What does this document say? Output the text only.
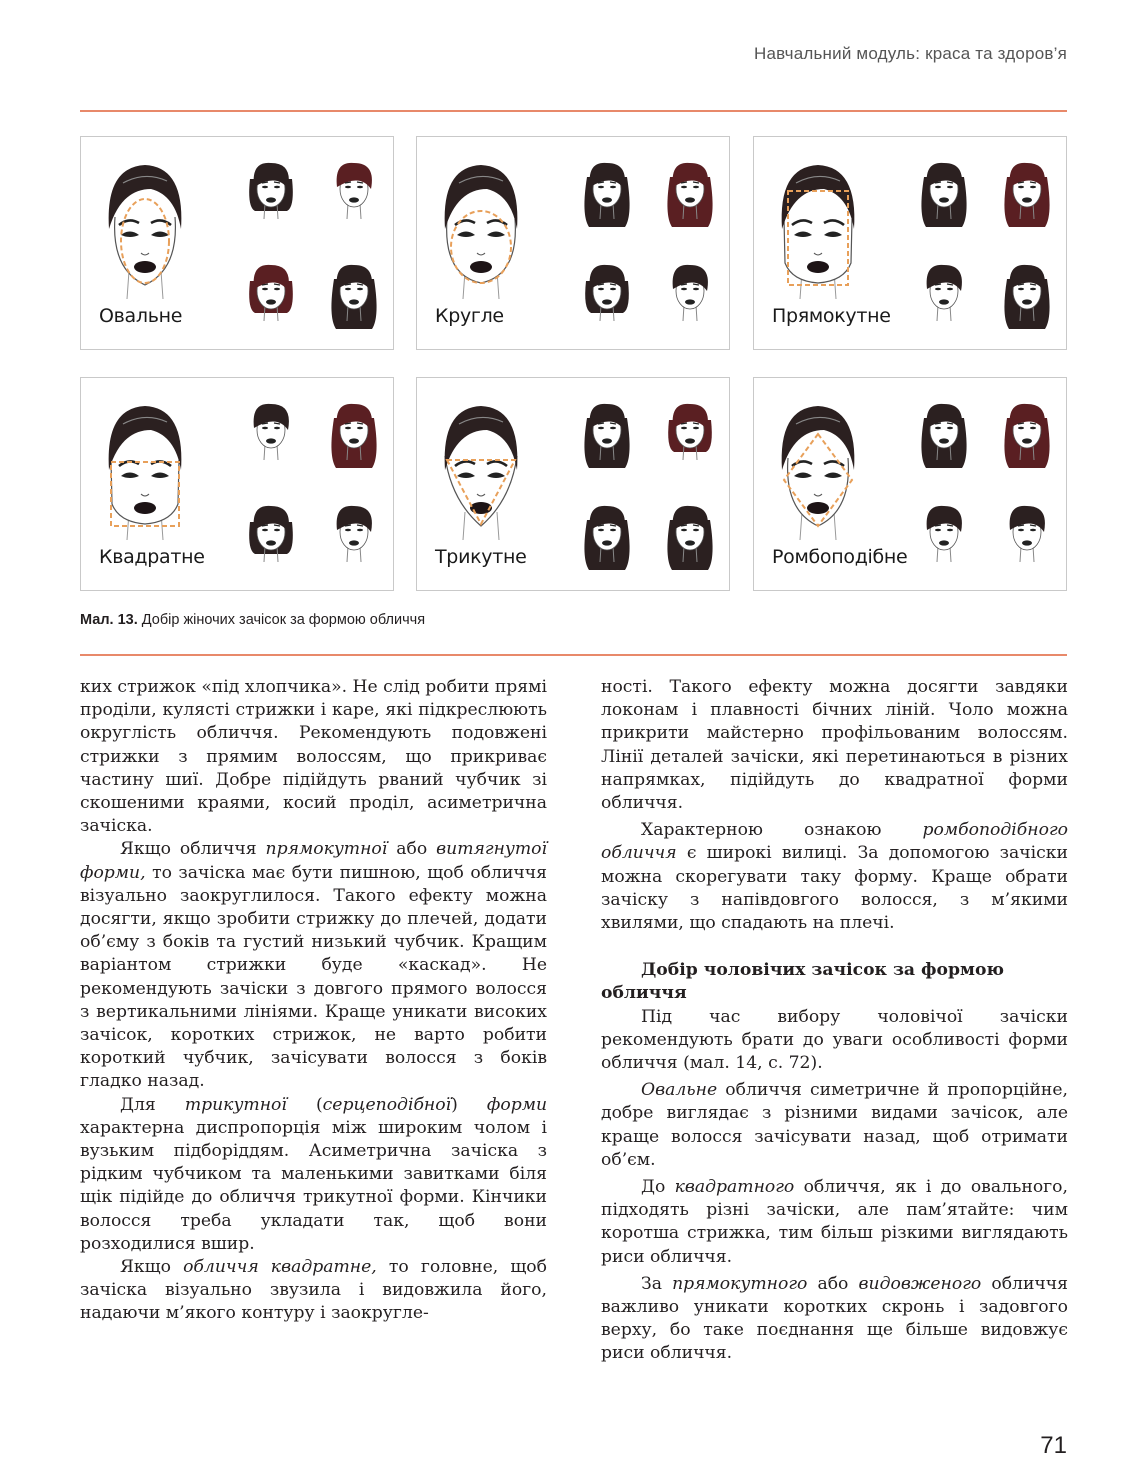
Навчальний модуль: краса та здоров’я
Овальне	Кругле	Прямокутне
Квадратне	Трикутне	Ромбоподібне
Мал. 13. Добір жіночих зачісок за формою обличчя

ких стрижок «під хлопчика». Не слід робити прямі проділи, кулясті стрижки і каре, які підкреслюють округлість обличчя. Рекомендують подовжені стрижки з прямим волоссям, що прикриває частину шиї. Добре підійдуть рваний чубчик зі скошеними краями, косий проділ, асиметрична зачіска.

Якщо обличчя прямокутної або витягнутої форми, то зачіска має бути пишною, щоб обличчя візуально заокруглилося. Такого ефекту можна досягти, якщо зробити стрижку до плечей, додати об’єму з боків та густий низький чубчик. Кращим варіантом стрижки буде «каскад». Не рекомендують зачіски з довгого прямого волосся з вертикальними лініями. Краще уникати високих зачісок, коротких стрижок, не варто робити короткий чубчик, зачісувати волосся з боків гладко назад.

Для трикутної (серцеподібної) форми характерна диспропорція між широким чолом і вузьким підборіддям. Асиметрична зачіска з рідким чубчиком та маленькими завитками біля щік підійде до обличчя трикутної форми. Кінчики волосся треба укладати так, щоб вони розходилися вшир.

Якщо обличчя квадратне, то головне, щоб зачіска візуально звузила і видовжила його, надаючи м’якого контуру і заокругле-

ності. Такого ефекту можна досягти завдяки локонам і плавності бічних ліній. Чоло можна прикрити майстерно профільованим волоссям. Лінії деталей зачіски, які перетинаються в різних напрямках, підійдуть до квадратної форми обличчя.

Характерною ознакою ромбоподібного обличчя є широкі вилиці. За допомогою зачіски можна скорегувати таку форму. Краще обрати зачіску з напівдовгого волосся, з м’якими хвилями, що спадають на плечі.

Добір чоловічих зачісок за формою обличчя

Під час вибору чоловічої зачіски рекомендують брати до уваги особливості форми обличчя (мал. 14, с. 72).

Овальне обличчя симетричне й пропорційне, добре виглядає з різними видами зачісок, але краще волосся зачісувати назад, щоб отримати об’єм.

До квадратного обличчя, як і до овального, підходять різні зачіски, але пам’ятайте: чим коротша стрижка, тим більш різкими виглядають риси обличчя.

За прямокутного або видовженого обличчя важливо уникати коротких скронь і задовгого верху, бо таке поєднання ще більше видовжує риси обличчя.

71
